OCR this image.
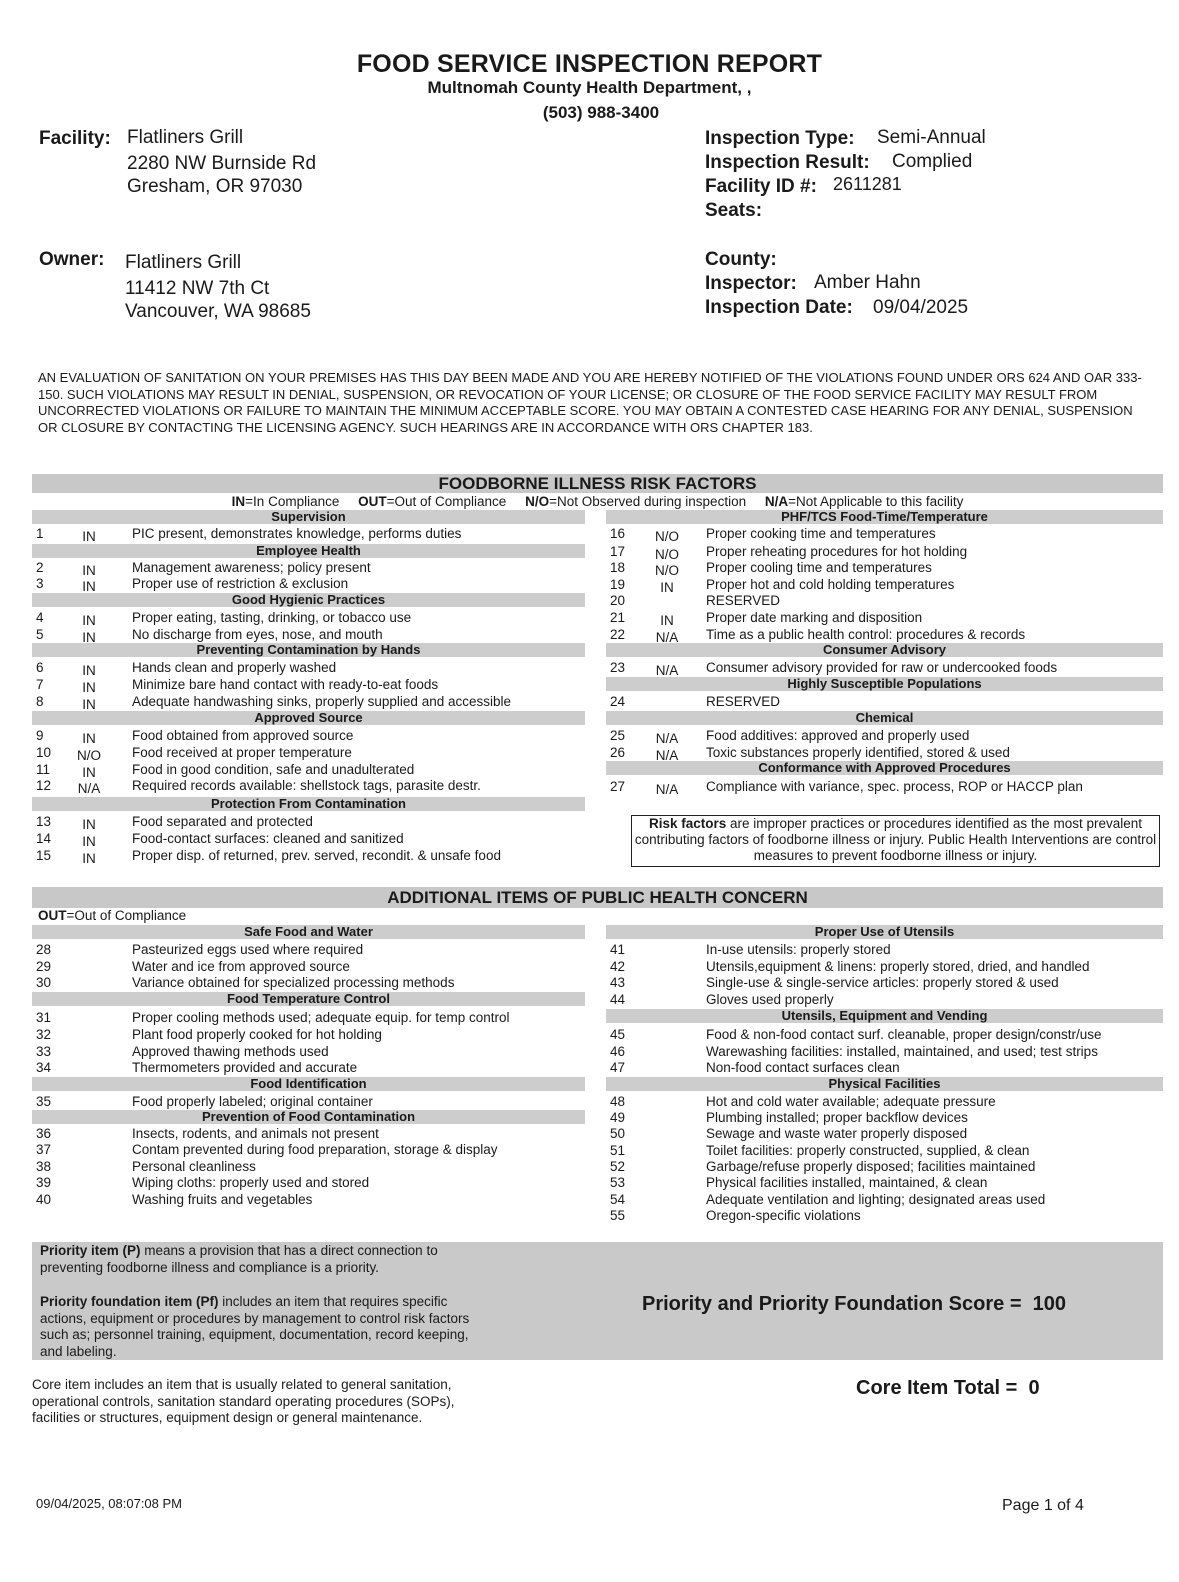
FOOD SERVICE INSPECTION REPORT
Multnomah County Health Department, ,
(503) 988-3400
Facility: Flatliners Grill
2280 NW Burnside Rd
Gresham, OR 97030
Owner: Flatliners Grill
11412 NW 7th Ct
Vancouver, WA 98685
Inspection Type: Semi-Annual
Inspection Result: Complied
Facility ID #: 2611281
Seats:
County:
Inspector: Amber Hahn
Inspection Date: 09/04/2025
AN EVALUATION OF SANITATION ON YOUR PREMISES HAS THIS DAY BEEN MADE AND YOU ARE HEREBY NOTIFIED OF THE VIOLATIONS FOUND UNDER ORS 624 AND OAR 333-150. SUCH VIOLATIONS MAY RESULT IN DENIAL, SUSPENSION, OR REVOCATION OF YOUR LICENSE; OR CLOSURE OF THE FOOD SERVICE FACILITY MAY RESULT FROM UNCORRECTED VIOLATIONS OR FAILURE TO MAINTAIN THE MINIMUM ACCEPTABLE SCORE. YOU MAY OBTAIN A CONTESTED CASE HEARING FOR ANY DENIAL, SUSPENSION OR CLOSURE BY CONTACTING THE LICENSING AGENCY. SUCH HEARINGS ARE IN ACCORDANCE WITH ORS CHAPTER 183.
FOODBORNE ILLNESS RISK FACTORS
IN=In Compliance OUT=Out of Compliance N/O=Not Observed during inspection N/A=Not Applicable to this facility
Supervision
Employee Health
Good Hygienic Practices
Preventing Contamination by Hands
Approved Source
Protection From Contamination
PHF/TCS Food-Time/Temperature
Consumer Advisory
Highly Susceptible Populations
Chemical
Conformance with Approved Procedures
1	IN	PIC present, demonstrates knowledge, performs duties
2	IN	Management awareness; policy present
3	IN	Proper use of restriction & exclusion
4	IN	Proper eating, tasting, drinking, or tobacco use
5	IN	No discharge from eyes, nose, and mouth
6	IN	Hands clean and properly washed
7	IN	Minimize bare hand contact with ready-to-eat foods
8	IN	Adequate handwashing sinks, properly supplied and accessible
9	IN	Food obtained from approved source
10	N/O	Food received at proper temperature
11	IN	Food in good condition, safe and unadulterated
12	N/A	Required records available: shellstock tags, parasite destr.
13	IN	Food separated and protected
14	IN	Food-contact surfaces: cleaned and sanitized
15	IN	Proper disp. of returned, prev. served, recondit. & unsafe food
16	N/O	Proper cooking time and temperatures
17	N/O	Proper reheating procedures for hot holding
18	N/O	Proper cooling time and temperatures
19	IN	Proper hot and cold holding temperatures
20	RESERVED
21	IN	Proper date marking and disposition
22	N/A	Time as a public health control: procedures & records
23	N/A	Consumer advisory provided for raw or undercooked foods
24	RESERVED
25	N/A	Food additives: approved and properly used
26	N/A	Toxic substances properly identified, stored & used
27	N/A	Compliance with variance, spec. process, ROP or HACCP plan
Risk factors are improper practices or procedures identified as the most prevalent contributing factors of foodborne illness or injury. Public Health Interventions are control measures to prevent foodborne illness or injury.
ADDITIONAL ITEMS OF PUBLIC HEALTH CONCERN
OUT=Out of Compliance
Safe Food and Water
Food Temperature Control
Food Identification
Prevention of Food Contamination
Proper Use of Utensils
Utensils, Equipment and Vending
Physical Facilities
28	Pasteurized eggs used where required
29	Water and ice from approved source
30	Variance obtained for specialized processing methods
31	Proper cooling methods used; adequate equip. for temp control
32	Plant food properly cooked for hot holding
33	Approved thawing methods used
34	Thermometers provided and accurate
35	Food properly labeled; original container
36	Insects, rodents, and animals not present
37	Contam prevented during food preparation, storage & display
38	Personal cleanliness
39	Wiping cloths: properly used and stored
40	Washing fruits and vegetables
41	In-use utensils: properly stored
42	Utensils,equipment & linens: properly stored, dried, and handled
43	Single-use & single-service articles: properly stored & used
44	Gloves used properly
45	Food & non-food contact surf. cleanable, proper design/constr/use
46	Warewashing facilities: installed, maintained, and used; test strips
47	Non-food contact surfaces clean
48	Hot and cold water available; adequate pressure
49	Plumbing installed; proper backflow devices
50	Sewage and waste water properly disposed
51	Toilet facilities: properly constructed, supplied, & clean
52	Garbage/refuse properly disposed; facilities maintained
53	Physical facilities installed, maintained, & clean
54	Adequate ventilation and lighting; designated areas used
55	Oregon-specific violations
Priority item (P) means a provision that has a direct connection to preventing foodborne illness and compliance is a priority.
Priority foundation item (Pf) includes an item that requires specific actions, equipment or procedures by management to control risk factors such as; personnel training, equipment, documentation, record keeping, and labeling.
Priority and Priority Foundation Score = 100
Core item includes an item that is usually related to general sanitation, operational controls, sanitation standard operating procedures (SOPs), facilities or structures, equipment design or general maintenance.
Core Item Total = 0
09/04/2025, 08:07:08 PM	Page 1 of 4
